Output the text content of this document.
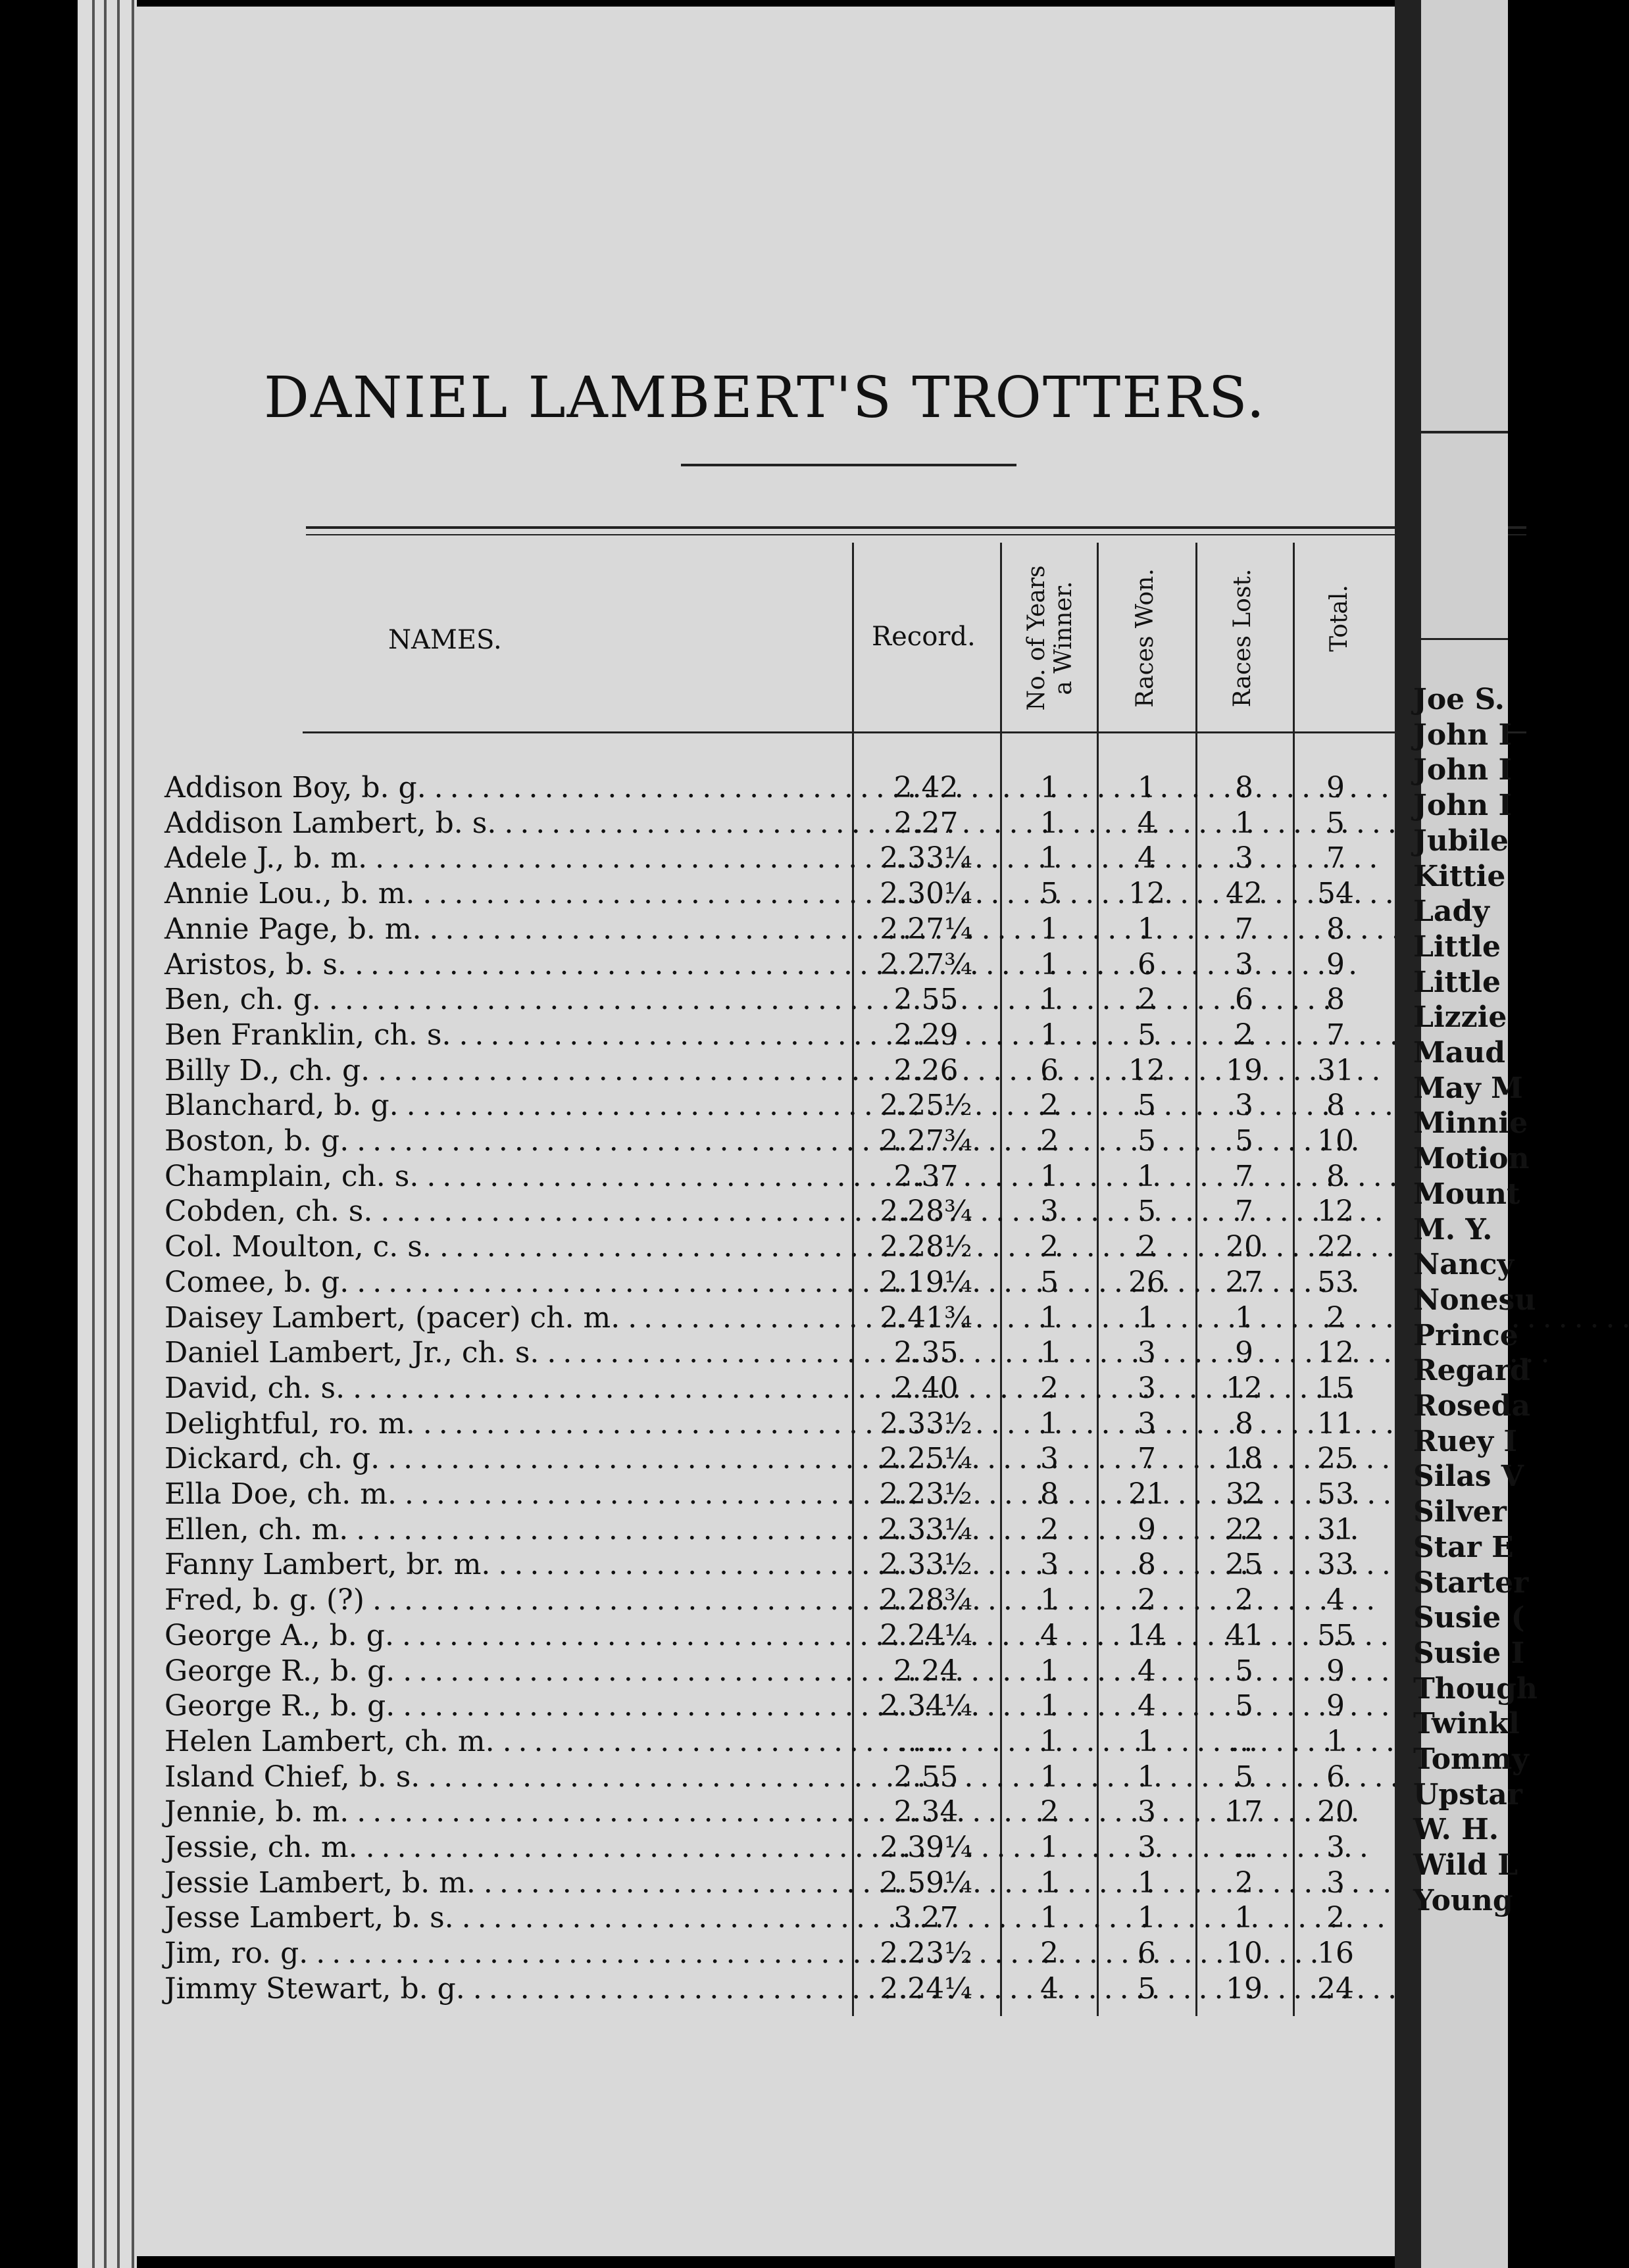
DANIEL LAMBERT'S TROTTERS.
NAMES.	Record. No. of Years a Winner. Races Won.	Races Lost.	Total.
Addison Boy, b. g. . . .	2.42	1	1	8	9
Addison Lambert, b. s. . . .	2.27	1	4	1	5
Adele J., b. m. . . .	2.33¼	1	4	3	7
Annie Lou., b. m. . . .	2.30¼	5	12	42	54
Annie Page, b. m. . . .	2.27¼	1	1	7	8
Aristos, b. s. . . .	2.27¾	1	6	3	9
Ben, ch. g. . . .	2.55	1	2	6	8
Ben Franklin, ch. s. . . .	2.29	1	5	2	7
Billy D., ch. g. . . .	2.26	6	12	19	31
Blanchard, b. g. . . .	2.25½	2	5	3	8
Boston, b. g. . . .	2.27¾	2	5	5	10
Champlain, ch. s. . . .	2.37	1	1	7	8
Cobden, ch. s. . . .	2.28¾	3	5	7	12
Col. Moulton, c. s. . . .	2.28½	2	2	20	22
Comee, b. g. . . .	2.19¼	5	26	27	53
Daisey Lambert, (pacer) ch. m. . . .	2.41¾	1	1	1	2
Daniel Lambert, Jr., ch. s. . . .	2.35	1	3	9	12
David, ch. s. . . .	2.40	2	3	12	15
Delightful, ro. m. . . .	2.33½	1	3	8	11
Dickard, ch. g. . . .	2.25¼	3	7	18	25
Ella Doe, ch. m. . . .	2.23½	8	21	32	53
Ellen, ch. m. . . .	2.33¼	2	9	22	31
Fanny Lambert, br. m. . . .	2.33½	3	8	25	33
Fred, b. g. (?) . . .	2.28¾	1	2	2	4
George A., b. g. . . .	2.24¼	4	14	41	55
George R., b. g. . . .	2.24	1	4	5	9
George R., b. g. . . .	2.34¼	1	4	5	9
Helen Lambert, ch. m. . . .	......	1	1	...	1
Island Chief, b. s. . . .	2.55	1	1	5	6
Jennie, b. m. . . .	2.34	2	3	17	20
Jessie, ch. m. . . .	2.39¼	1	3	..	3
Jessie Lambert, b. m. . . .	2.59¼	1	1	2	3
Jesse Lambert, b. s. . . .	3.27	1	1	1	2
Jim, ro. g. . . .	2.23½	2	6	10	16
Jimmy Stewart, b. g. . . .	2.24¼	4	5	19	24
Joe S.
John I
John I
John I
Jubile
Kittie
Lady
Little
Little
Lizzie
Maud
May M
Minnie
Motion
Mount
M. Y.
Nancy
Nonesu
Prince
Regard
Roseda
Ruey I
Silas V
Silver
Star E
Starter
Susie (
Susie I
Though
Twinkl
Tommy
Upstar
W. H.
Wild L
Young
